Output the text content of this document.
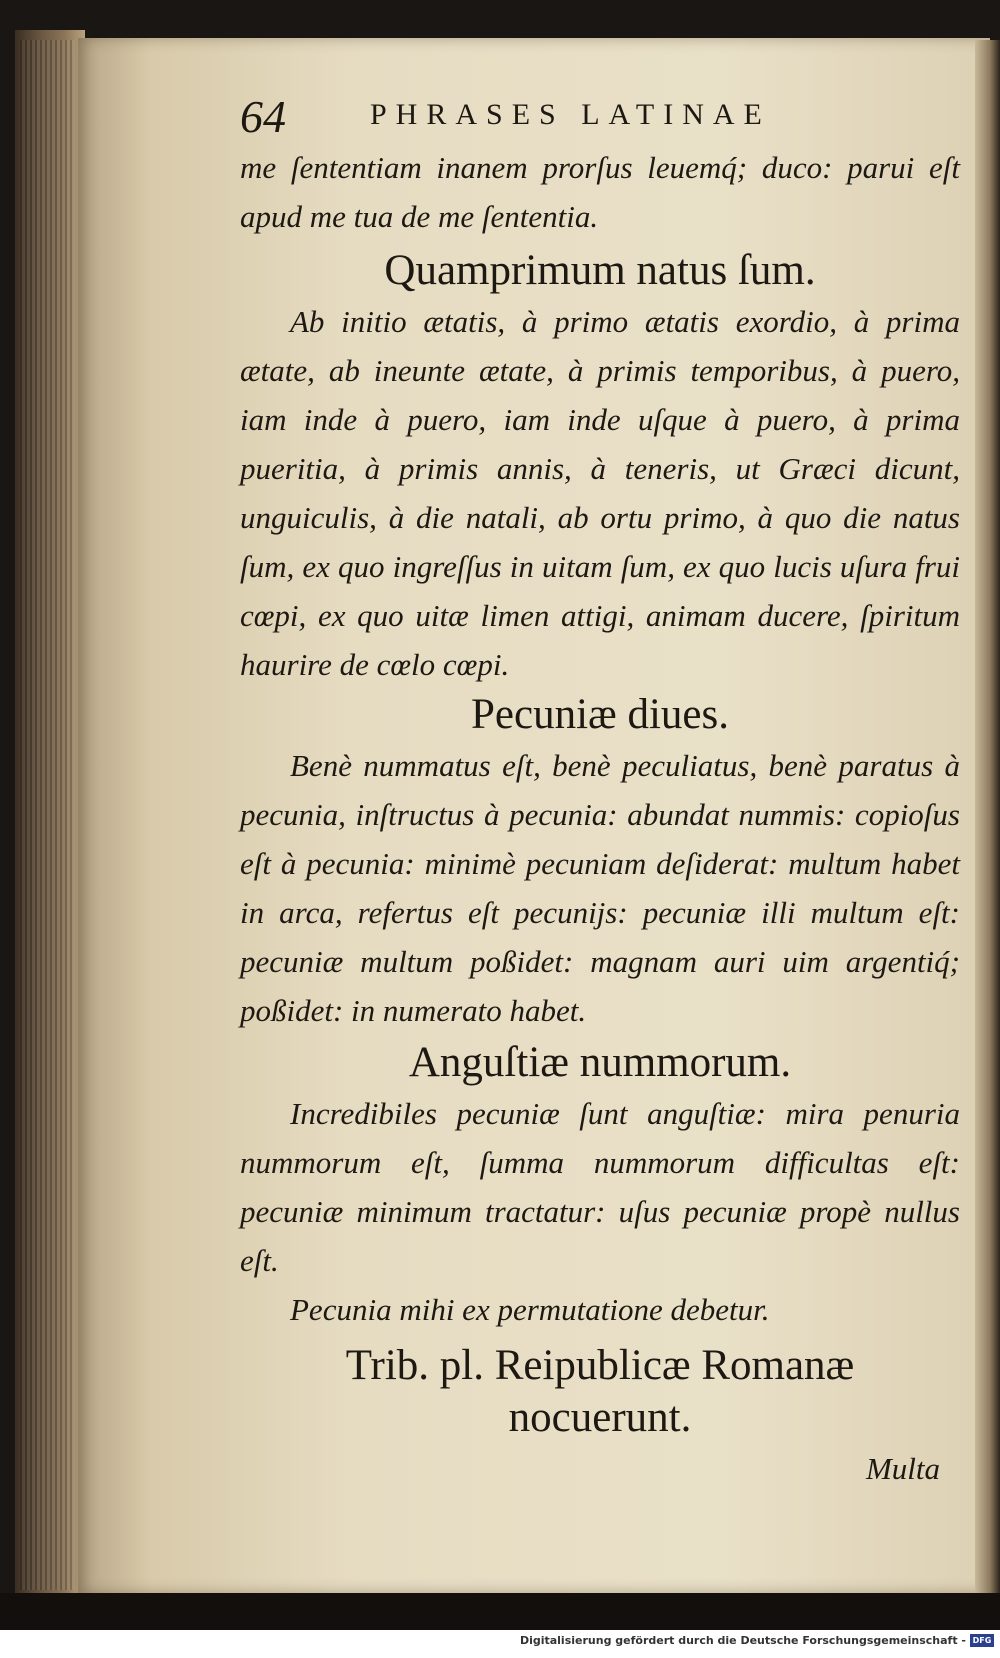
64	PHRASES LATINAE

me ſententiam inanem prorſus leuemq́; duco: parui eſt apud me tua de me ſententia.

Quamprimum natus ſum.

Ab initio ætatis, à primo ætatis exordio, à prima ætate, ab ineunte ætate, à primis temporibus, à puero, iam inde à puero, iam inde uſque à puero, à prima pueritia, à primis annis, à teneris, ut Græci dicunt, unguiculis, à die natali, ab ortu primo, à quo die natus ſum, ex quo ingreſſus in uitam ſum, ex quo lucis uſura frui cœpi, ex quo uitæ limen attigi, animam ducere, ſpiritum haurire de cœlo cœpi.

Pecuniæ diues.

Benè nummatus eſt, benè peculiatus, benè paratus à pecunia, inſtructus à pecunia: abundat nummis: copioſus eſt à pecunia: minimè pecuniam deſiderat: multum habet in arca, refertus eſt pecunijs: pecuniæ illi multum eſt: pecuniæ multum poßidet: magnam auri uim argentiq́; poßidet: in numerato habet.

Anguſtiæ nummorum.

Incredibiles pecuniæ ſunt anguſtiæ: mira penuria nummorum eſt, ſumma nummorum difficultas eſt: pecuniæ minimum tractatur: uſus pecuniæ propè nullus eſt.

Pecunia mihi ex permutatione debetur.

Trib. pl. Reipublicæ Romanæ

nocuerunt.

Multa

Digitalisierung gefördert durch die Deutsche Forschungsgemeinschaft - DFG
